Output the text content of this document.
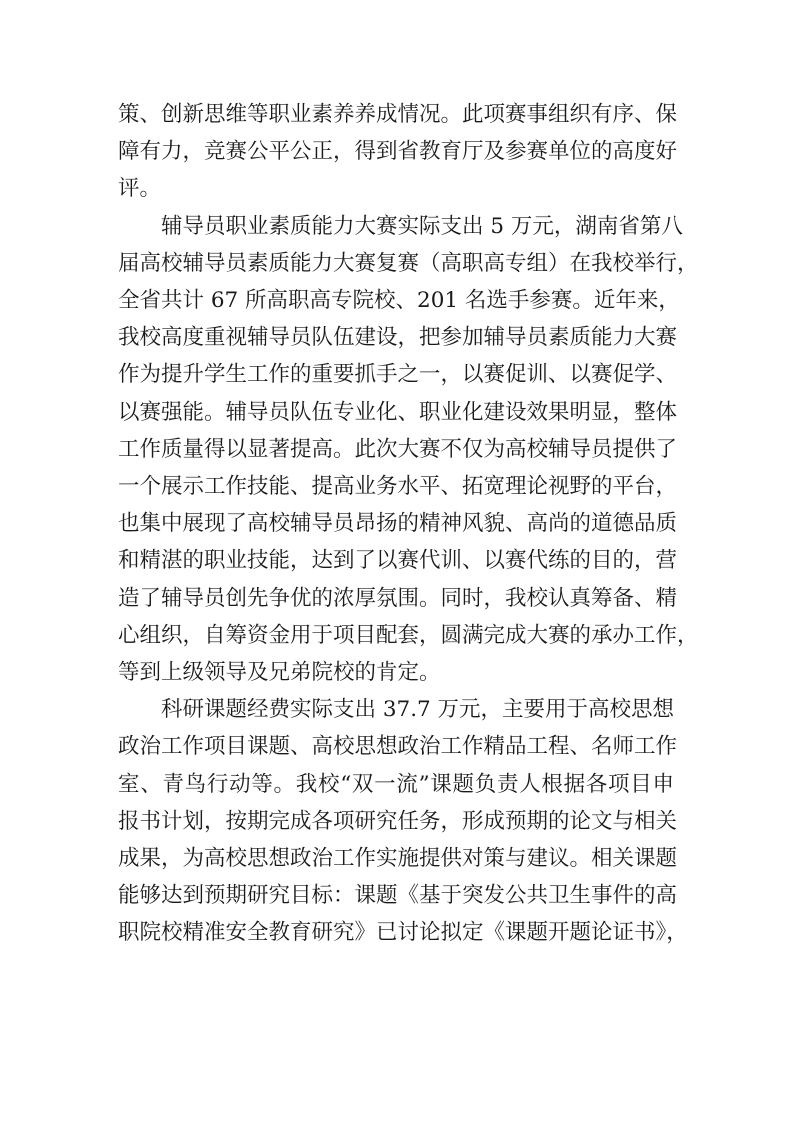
策、创新思维等职业素养养成情况。此项赛事组织有序、保
障有力，竞赛公平公正，得到省教育厅及参赛单位的高度好
评。
辅导员职业素质能力大赛实际支出 5 万元，湖南省第八
届高校辅导员素质能力大赛复赛（高职高专组）在我校举行，
全省共计 67 所高职高专院校、201 名选手参赛。近年来，
我校高度重视辅导员队伍建设，把参加辅导员素质能力大赛
作为提升学生工作的重要抓手之一，以赛促训、以赛促学、
以赛强能。辅导员队伍专业化、职业化建设效果明显，整体
工作质量得以显著提高。此次大赛不仅为高校辅导员提供了
一个展示工作技能、提高业务水平、拓宽理论视野的平台，
也集中展现了高校辅导员昂扬的精神风貌、高尚的道德品质
和精湛的职业技能，达到了以赛代训、以赛代练的目的，营
造了辅导员创先争优的浓厚氛围。同时，我校认真筹备、精
心组织，自筹资金用于项目配套，圆满完成大赛的承办工作，
等到上级领导及兄弟院校的肯定。
科研课题经费实际支出 37.7 万元，主要用于高校思想
政治工作项目课题、高校思想政治工作精品工程、名师工作
室、青鸟行动等。我校“双一流”课题负责人根据各项目申
报书计划，按期完成各项研究任务，形成预期的论文与相关
成果，为高校思想政治工作实施提供对策与建议。相关课题
能够达到预期研究目标：课题《基于突发公共卫生事件的高
职院校精准安全教育研究》已讨论拟定《课题开题论证书》，
